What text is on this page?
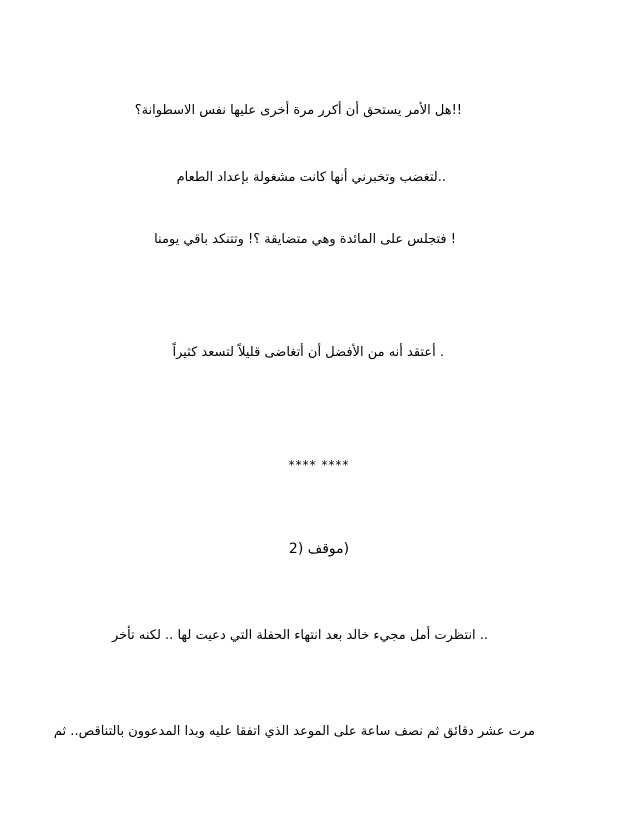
‏!!هل الأمر يستحق أن أكرر مرة أخرى عليها نفس الاسطوانة؟
‏..لتغضب وتخبرني أنها كانت مشغولة بإعداد الطعام
‏! فتجلس على المائدة وهي متضايقة ؟! وتتنكد باقي يومنا
‏. أعتقد أنه من الأفضل أن أتغاضى قليلاً لتسعد كثيراً
**** ****
(موقف (2
‏.. انتظرت أمل مجيء خالد بعد انتهاء الحفلة التي دعيت لها .. لكنه تأخر
مرت عشر دقائق ثم نصف ساعة على الموعد الذي اتفقا عليه وبدا المدعوون بالتناقص.. ثم
